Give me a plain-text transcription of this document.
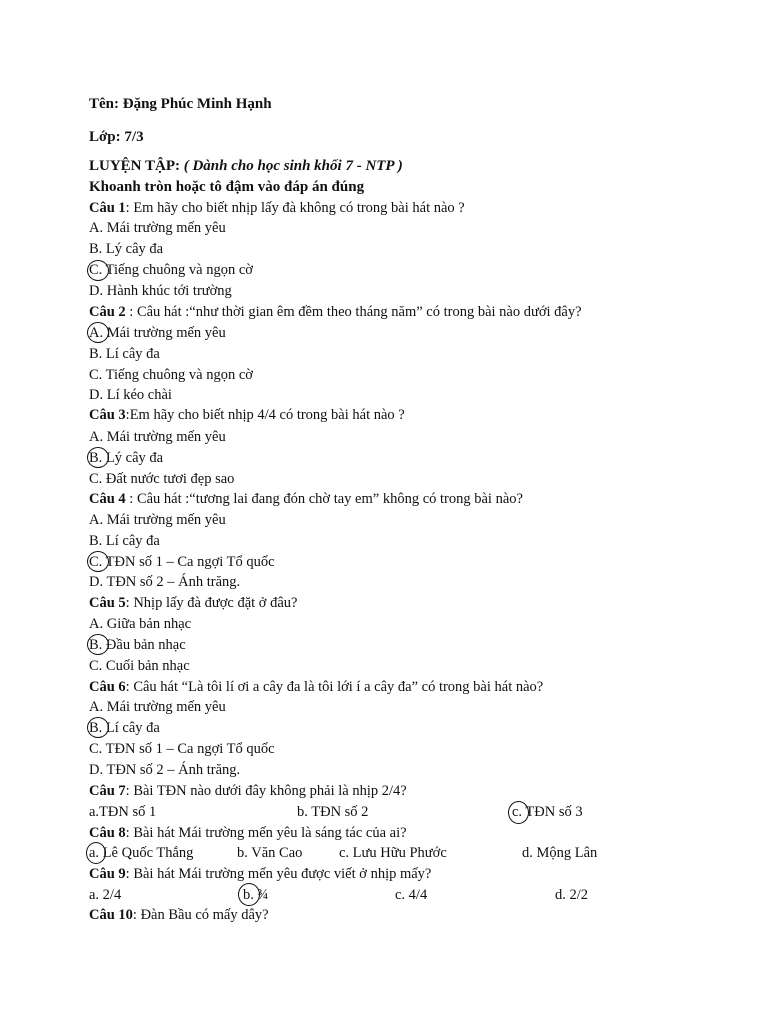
Tên: Đặng Phúc Minh Hạnh
Lớp: 7/3
LUYỆN TẬP: ( Dành cho học sinh khối 7 - NTP )
Khoanh tròn hoặc tô đậm vào đáp án đúng
Câu 1: Em hãy cho biết nhịp lấy đà không có trong bài hát nào ?
A. Mái trường mến yêu
B. Lý cây đa
C. Tiếng chuông và ngọn cờ
D. Hành khúc tới trường
Câu 2 : Câu hát :“như thời gian êm đềm theo tháng năm” có trong bài nào dưới đây?
A. Mái trường mến yêu
B. Lí cây đa
C. Tiếng chuông và ngọn cờ
D. Lí kéo chài
Câu 3:Em hãy cho biết nhịp 4/4 có trong bài hát nào ?
A. Mái trường mến yêu
B. Lý cây đa
C. Đất nước tươi đẹp sao
Câu 4 : Câu hát :“tương lai đang đón chờ tay em” không có trong bài nào?
A. Mái trường mến yêu
B. Lí cây đa
C. TĐN số 1 – Ca ngợi Tổ quốc
D. TĐN số 2 – Ánh trăng.
Câu 5: Nhịp lấy đà được đặt ở đâu?
A. Giữa bản nhạc
B. Đầu bản nhạc
C. Cuối bản nhạc
Câu 6: Câu hát “Là tôi lí ơi a cây đa là tôi lới í a cây đa” có trong bài hát nào?
A. Mái trường mến yêu
B. Lí cây đa
C. TĐN số 1 – Ca ngợi Tổ quốc
D. TĐN số 2 – Ánh trăng.
Câu 7: Bài TĐN nào dưới đây không phải là nhịp 2/4?
a.TĐN số 1	b. TĐN số 2	c. TĐN số 3
Câu 8: Bài hát Mái trường mến yêu là sáng tác của ai?
a. Lê Quốc Thắng	b. Văn Cao	c. Lưu Hữu Phước	d. Mộng Lân
Câu 9: Bài hát Mái trường mến yêu được viết ở nhịp mấy?
a. 2/4	b. ¾	c. 4/4	d. 2/2
Câu 10: Đàn Bầu có mấy dây?
